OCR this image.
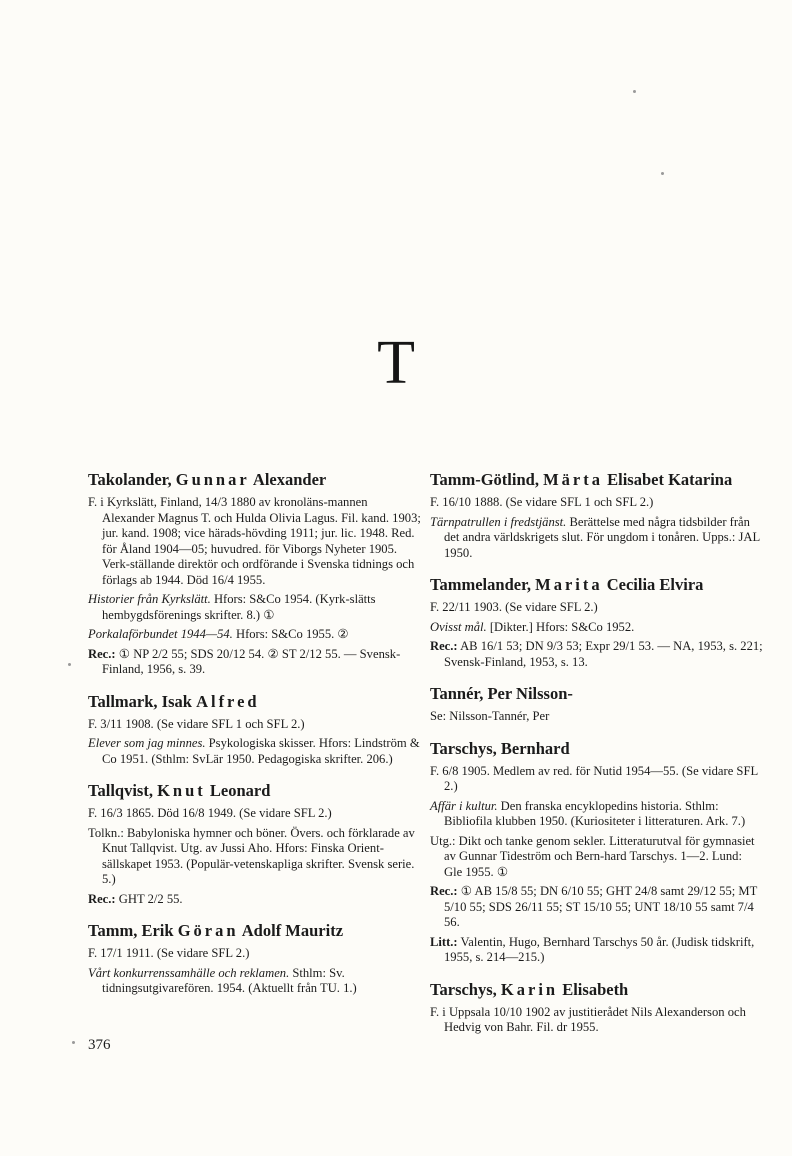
T
Takolander, Gunnar Alexander
F. i Kyrkslätt, Finland, 14/3 1880 av kronoläns-mannen Alexander Magnus T. och Hulda Olivia Lagus. Fil. kand. 1903; jur. kand. 1908; vice härads-hövding 1911; jur. lic. 1948. Red. för Åland 1904—05; huvudred. för Viborgs Nyheter 1905. Verk-ställande direktör och ordförande i Svenska tidnings och förlags ab 1944. Död 16/4 1955.
Historier från Kyrkslätt. Hfors: S&Co 1954. (Kyrk-slätts hembygdsförenings skrifter. 8.) ①
Porkalaförbundet 1944—54. Hfors: S&Co 1955. ②
Rec.: ① NP 2/2 55; SDS 20/12 54. ② ST 2/12 55. — Svensk-Finland, 1956, s. 39.
Tallmark, Isak Alfred
F. 3/11 1908. (Se vidare SFL 1 och SFL 2.)
Elever som jag minnes. Psykologiska skisser. Hfors: Lindström & Co 1951. (Sthlm: SvLär 1950. Pedagogiska skrifter. 206.)
Tallqvist, Knut Leonard
F. 16/3 1865. Död 16/8 1949. (Se vidare SFL 2.)
Tolkn.: Babyloniska hymner och böner. Övers. och förklarade av Knut Tallqvist. Utg. av Jussi Aho. Hfors: Finska Orient-sällskapet 1953. (Populär-vetenskapliga skrifter. Svensk serie. 5.)
Rec.: GHT 2/2 55.
Tamm, Erik Göran Adolf Mauritz
F. 17/1 1911. (Se vidare SFL 2.)
Vårt konkurrenssamhälle och reklamen. Sthlm: Sv. tidningsutgivarefören. 1954. (Aktuellt från TU. 1.)
Tamm-Götlind, Märta Elisabet Katarina
F. 16/10 1888. (Se vidare SFL 1 och SFL 2.)
Tärnpatrullen i fredstjänst. Berättelse med några tidsbilder från det andra världskrigets slut. För ungdom i tonåren. Upps.: JAL 1950.
Tammelander, Marita Cecilia Elvira
F. 22/11 1903. (Se vidare SFL 2.)
Ovisst mål. [Dikter.] Hfors: S&Co 1952.
Rec.: AB 16/1 53; DN 9/3 53; Expr 29/1 53. — NA, 1953, s. 221; Svensk-Finland, 1953, s. 13.
Tannér, Per Nilsson-
Se: Nilsson-Tannér, Per
Tarschys, Bernhard
F. 6/8 1905. Medlem av red. för Nutid 1954—55. (Se vidare SFL 2.)
Affär i kultur. Den franska encyklopedins historia. Sthlm: Bibliofila klubben 1950. (Kuriositeter i litteraturen. Ark. 7.)
Utg.: Dikt och tanke genom sekler. Litteraturutval för gymnasiet av Gunnar Tideström och Bern-hard Tarschys. 1—2. Lund: Gle 1955. ①
Rec.: ① AB 15/8 55; DN 6/10 55; GHT 24/8 samt 29/12 55; MT 5/10 55; SDS 26/11 55; ST 15/10 55; UNT 18/10 55 samt 7/4 56.
Litt.: Valentin, Hugo, Bernhard Tarschys 50 år. (Judisk tidskrift, 1955, s. 214—215.)
Tarschys, Karin Elisabeth
F. i Uppsala 10/10 1902 av justitierådet Nils Alexanderson och Hedvig von Bahr. Fil. dr 1955.
376
